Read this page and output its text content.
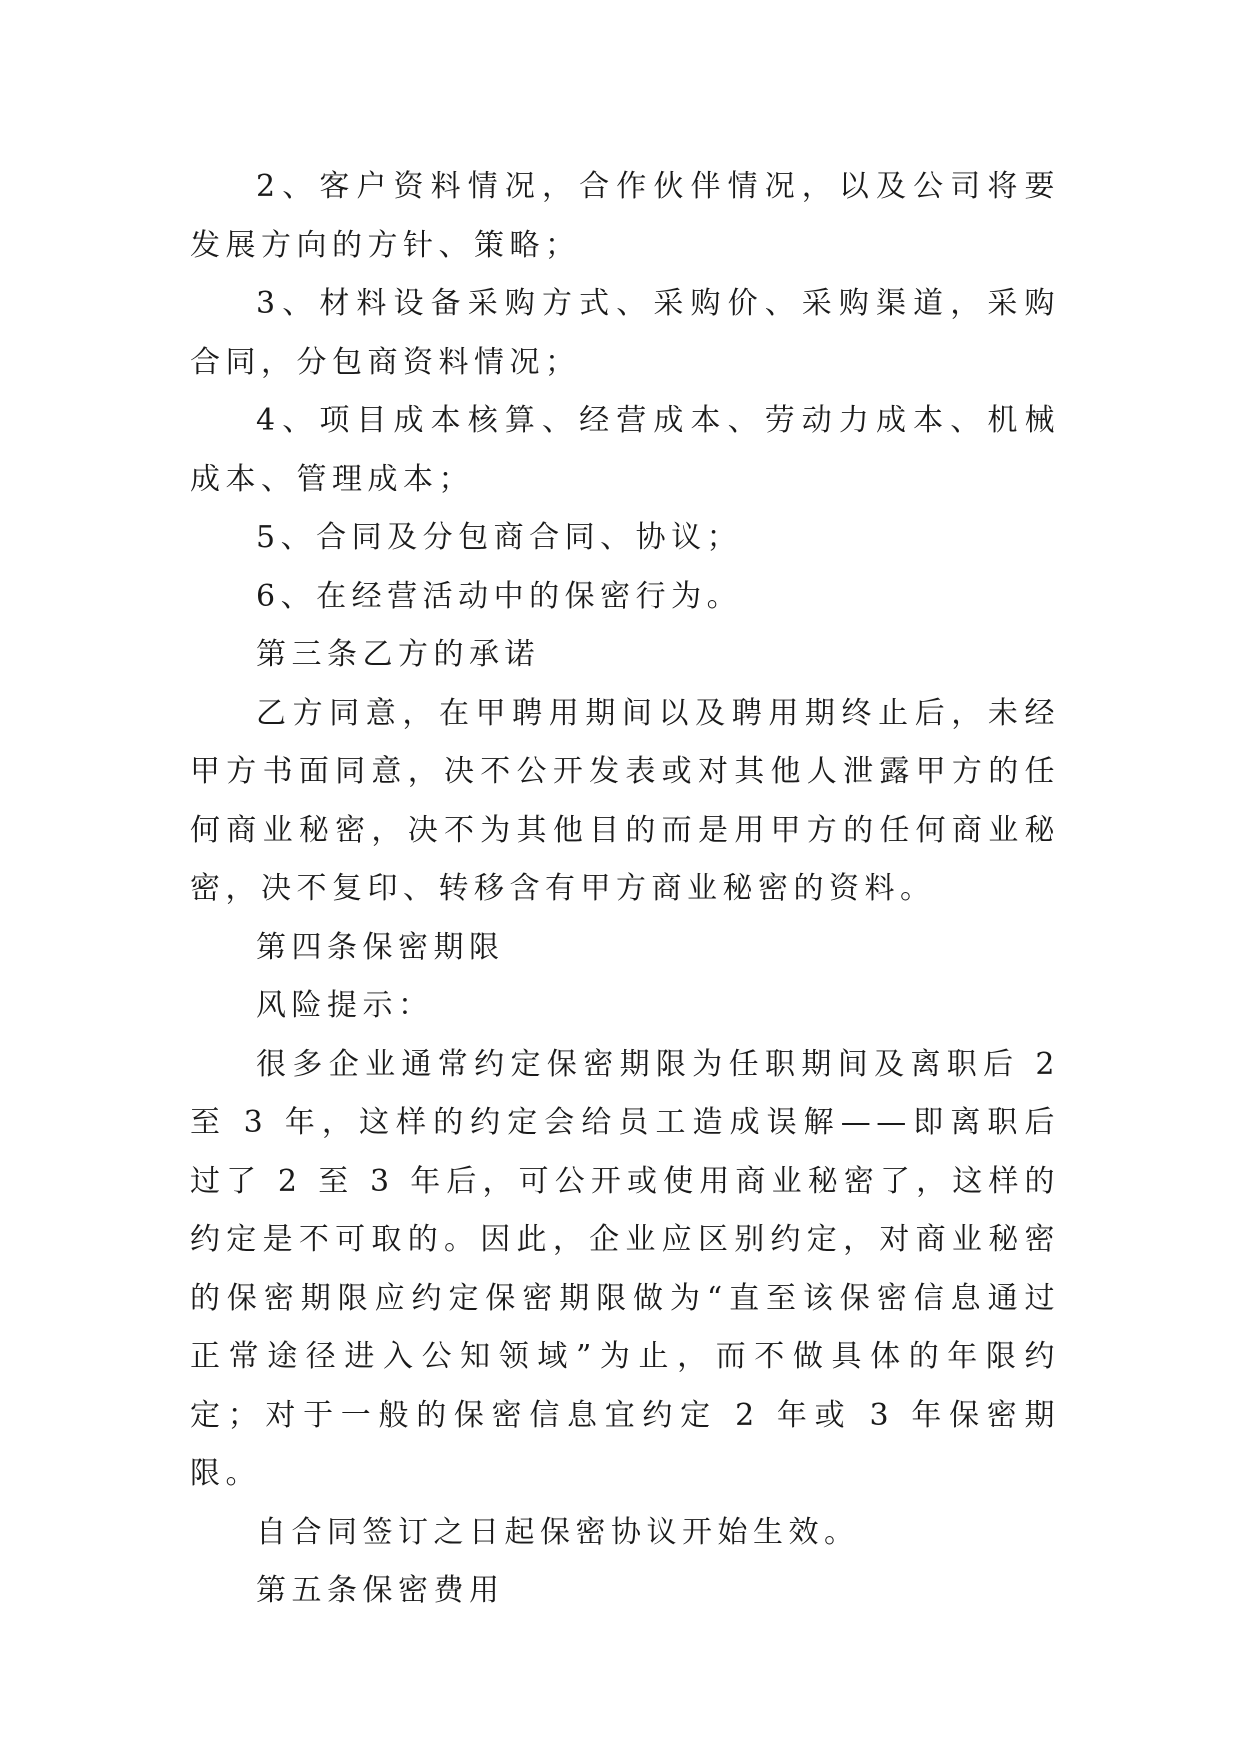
2、客户资料情况，合作伙伴情况，以及公司将要发展方向的方针、策略；

3、材料设备采购方式、采购价、采购渠道，采购合同，分包商资料情况；

4、项目成本核算、经营成本、劳动力成本、机械成本、管理成本；

5、合同及分包商合同、协议；

6、在经营活动中的保密行为。

第三条乙方的承诺

乙方同意，在甲聘用期间以及聘用期终止后，未经甲方书面同意，决不公开发表或对其他人泄露甲方的任何商业秘密，决不为其他目的而是用甲方的任何商业秘密，决不复印、转移含有甲方商业秘密的资料。

第四条保密期限

风险提示：

很多企业通常约定保密期限为任职期间及离职后 2 至 3 年，这样的约定会给员工造成误解——即离职后过了 2 至 3 年后，可公开或使用商业秘密了，这样的约定是不可取的。因此，企业应区别约定，对商业秘密的保密期限应约定保密期限做为“直至该保密信息通过正常途径进入公知领域”为止，而不做具体的年限约定；对于一般的保密信息宜约定 2 年或 3 年保密期限。

自合同签订之日起保密协议开始生效。

第五条保密费用
